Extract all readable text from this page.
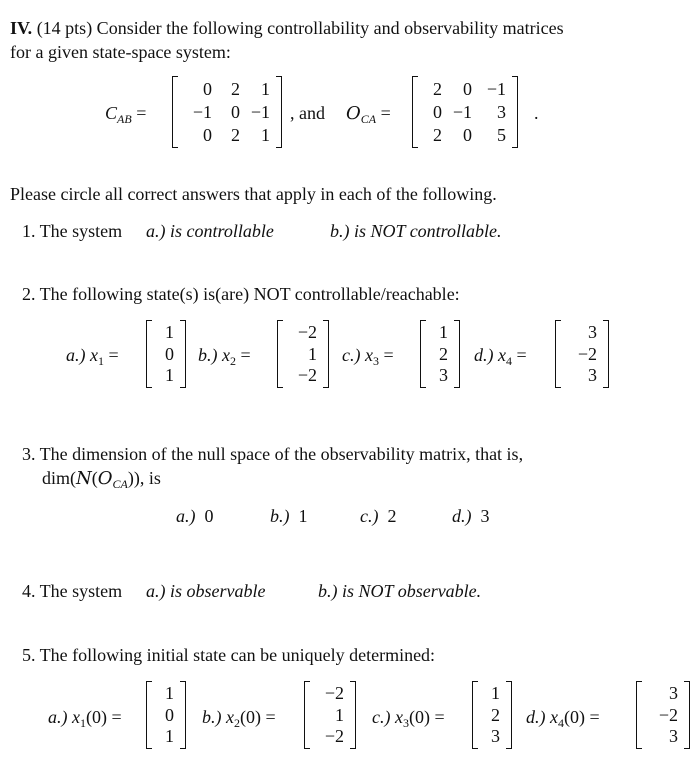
IV. (14 pts) Consider the following controllability and observability matrices
for a given state-space system:
$C_{AB}$ =
0	2	1
−1	0 −1
0	2	1
, and $O_{CA}$ =
2	0 −1
0 −1	3
2	0	5
.
Please circle all correct answers that apply in each of the following.
1. The system a.) is controllable	b.) is NOT controllable.
2. The following state(s) is(are) NOT controllable/reachable:
a.) $x_1$ =
1
0
1
b.) $x_2$ =
−2
1
−2
c.) $x_3$ =
1
2
3
d.) $x_4$ =
3
−2
3
3. The dimension of the null space of the observability matrix, that is,
$dim(N(O_{CA}))$, is
a.) 0	b.) 1	c.) 2	d.) 3
4. The system a.) is observable	b.) is NOT observable.
5. The following initial state can be uniquely determined:
a.) $x_1(0)$ =
1
0
1
b.) $x_2(0)$ =
−2
1
−2
c.) $x_3(0)$ =
1
2
3
d.) $x_4(0)$ =
3
−2
3
